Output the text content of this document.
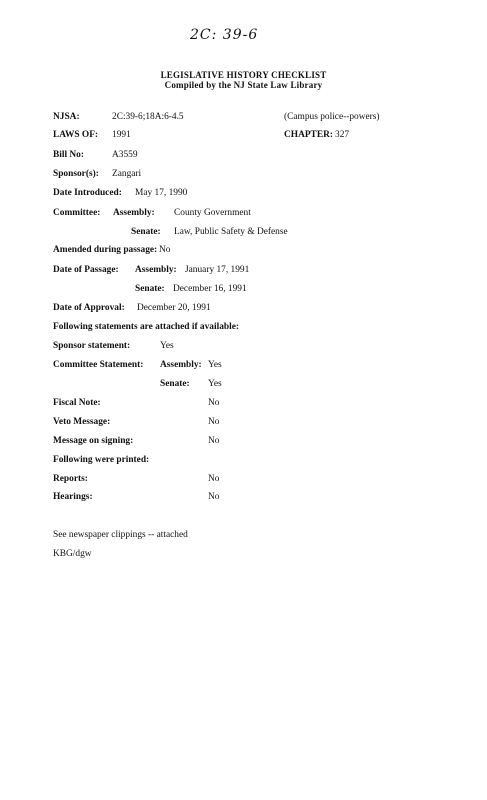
2C: 39-6
LEGISLATIVE HISTORY CHECKLIST
Compiled by the NJ State Law Library
NJSA:	2C:39-6;18A:6-4.5	(Campus police--powers)
LAWS OF: 1991	CHAPTER: 327
Bill No:	A3559
Sponsor(s): Zangari
Date Introduced: May 17, 1990
Committee: Assembly: County Government
Senate: Law, Public Safety & Defense
Amended during passage: No
Date of Passage: Assembly: January 17, 1991
Senate: December 16, 1991
Date of Approval: December 20, 1991
Following statements are attached if available:
Sponsor statement:	Yes
Committee Statement: Assembly: Yes
Senate: Yes
Fiscal Note:	No
Veto Message:	No
Message on signing:	No
Following were printed:
Reports:	No
Hearings:	No
See newspaper clippings -- attached
KBG/dgw
